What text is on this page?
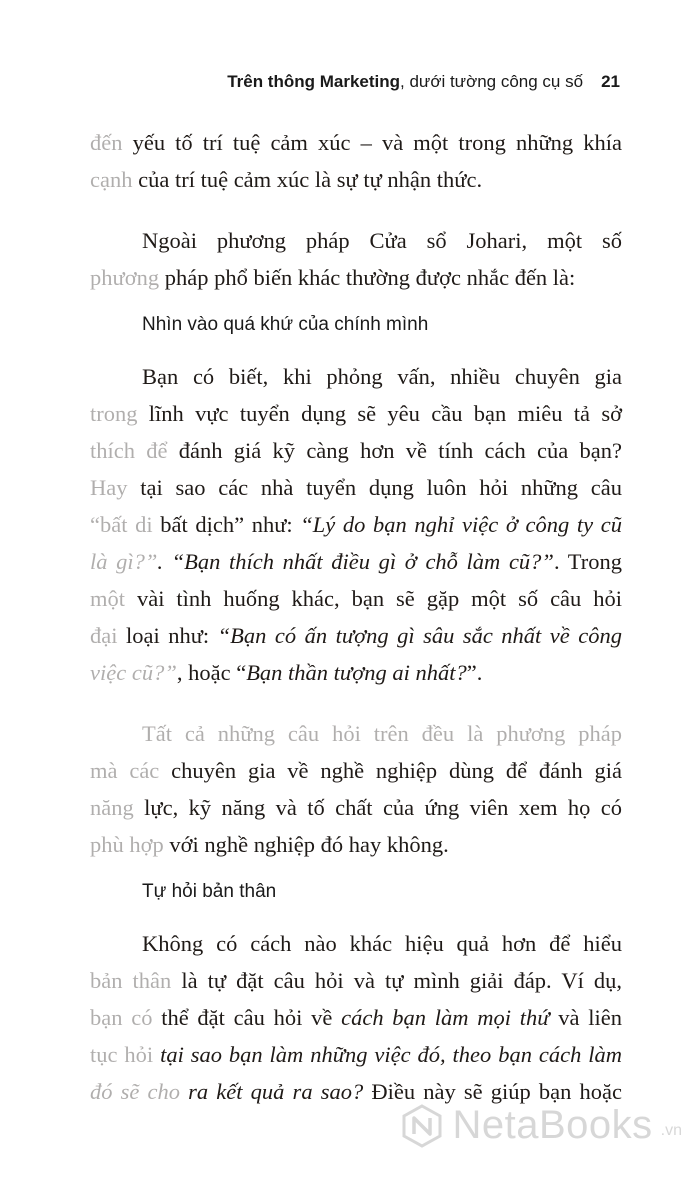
Trên thông Marketing, dưới tường công cụ số 21
đến yếu tố trí tuệ cảm xúc – và một trong những khía
cạnh của trí tuệ cảm xúc là sự tự nhận thức.
Ngoài phương pháp Cửa sổ Johari, một số
phương pháp phổ biến khác thường được nhắc đến là:
Nhìn vào quá khứ của chính mình
Bạn có biết, khi phỏng vấn, nhiều chuyên gia
trong lĩnh vực tuyển dụng sẽ yêu cầu bạn miêu tả sở
thích để đánh giá kỹ càng hơn về tính cách của bạn?
Hay tại sao các nhà tuyển dụng luôn hỏi những câu
“bất di bất dịch” như: “Lý do bạn nghỉ việc ở công ty cũ
là gì?”. “Bạn thích nhất điều gì ở chỗ làm cũ?”. Trong
một vài tình huống khác, bạn sẽ gặp một số câu hỏi
đại loại như: “Bạn có ấn tượng gì sâu sắc nhất về công
việc cũ?”, hoặc “Bạn thần tượng ai nhất?”.
Tất cả những câu hỏi trên đều là phương pháp
mà các chuyên gia về nghề nghiệp dùng để đánh giá
năng lực, kỹ năng và tố chất của ứng viên xem họ có
phù hợp với nghề nghiệp đó hay không.
Tự hỏi bản thân
Không có cách nào khác hiệu quả hơn để hiểu
bản thân là tự đặt câu hỏi và tự mình giải đáp. Ví dụ,
bạn có thể đặt câu hỏi về cách bạn làm mọi thứ và liên
tục hỏi tại sao bạn làm những việc đó, theo bạn cách làm
đó sẽ cho ra kết quả ra sao? Điều này sẽ giúp bạn hoặc
NetaBooks .vn
